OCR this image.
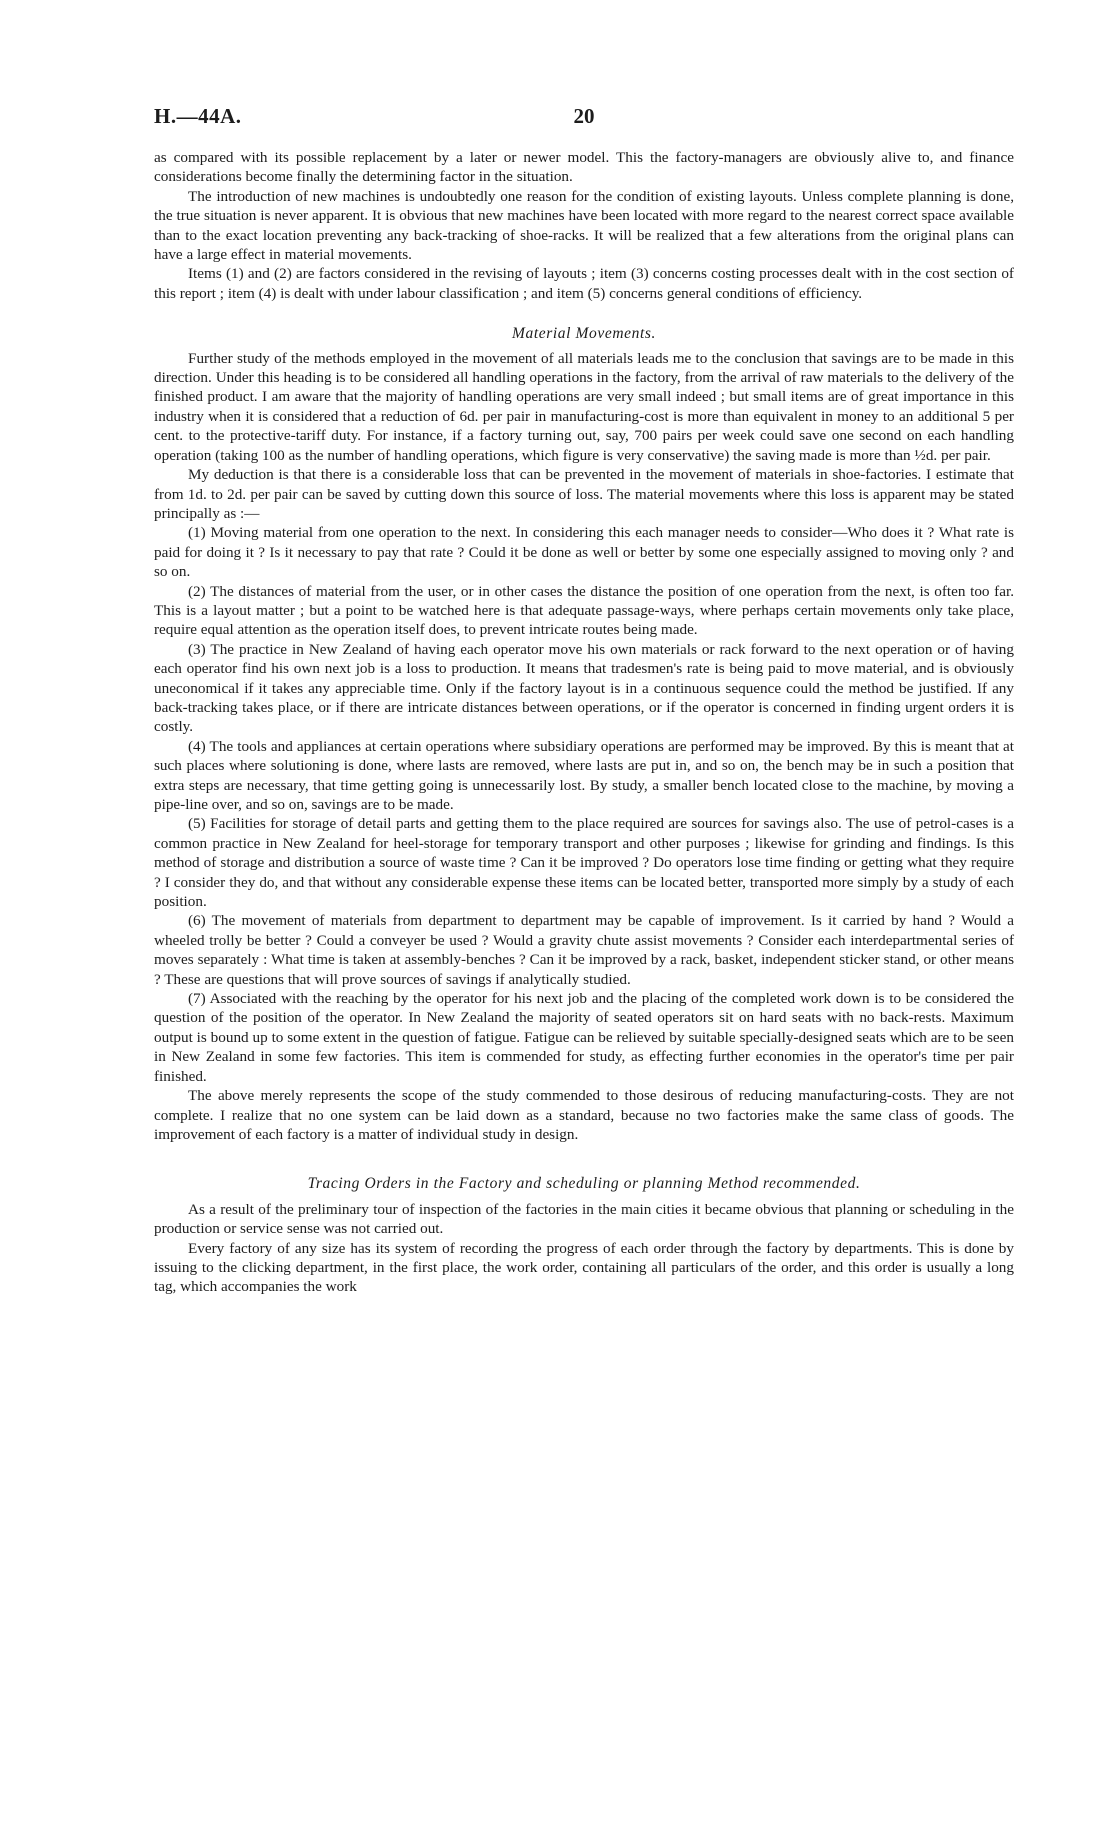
H.—44A.	20

as compared with its possible replacement by a later or newer model. This the factory-managers are obviously alive to, and finance considerations become finally the determining factor in the situation.

The introduction of new machines is undoubtedly one reason for the condition of existing layouts. Unless complete planning is done, the true situation is never apparent. It is obvious that new machines have been located with more regard to the nearest correct space available than to the exact location preventing any back-tracking of shoe-racks. It will be realized that a few alterations from the original plans can have a large effect in material movements.

Items (1) and (2) are factors considered in the revising of layouts ; item (3) concerns costing processes dealt with in the cost section of this report ; item (4) is dealt with under labour classification ; and item (5) concerns general conditions of efficiency.

Material Movements.

Further study of the methods employed in the movement of all materials leads me to the conclusion that savings are to be made in this direction. Under this heading is to be considered all handling operations in the factory, from the arrival of raw materials to the delivery of the finished product. I am aware that the majority of handling operations are very small indeed ; but small items are of great importance in this industry when it is considered that a reduction of 6d. per pair in manufacturing-cost is more than equivalent in money to an additional 5 per cent. to the protective-tariff duty. For instance, if a factory turning out, say, 700 pairs per week could save one second on each handling operation (taking 100 as the number of handling operations, which figure is very conservative) the saving made is more than ½d. per pair.

My deduction is that there is a considerable loss that can be prevented in the movement of materials in shoe-factories. I estimate that from 1d. to 2d. per pair can be saved by cutting down this source of loss. The material movements where this loss is apparent may be stated principally as :—

(1) Moving material from one operation to the next. In considering this each manager needs to consider—Who does it ? What rate is paid for doing it ? Is it necessary to pay that rate ? Could it be done as well or better by some one especially assigned to moving only ? and so on.

(2) The distances of material from the user, or in other cases the distance the position of one operation from the next, is often too far. This is a layout matter ; but a point to be watched here is that adequate passage-ways, where perhaps certain movements only take place, require equal attention as the operation itself does, to prevent intricate routes being made.

(3) The practice in New Zealand of having each operator move his own materials or rack forward to the next operation or of having each operator find his own next job is a loss to production. It means that tradesmen's rate is being paid to move material, and is obviously uneconomical if it takes any appreciable time. Only if the factory layout is in a continuous sequence could the method be justified. If any back-tracking takes place, or if there are intricate distances between operations, or if the operator is concerned in finding urgent orders it is costly.

(4) The tools and appliances at certain operations where subsidiary operations are performed may be improved. By this is meant that at such places where solutioning is done, where lasts are removed, where lasts are put in, and so on, the bench may be in such a position that extra steps are necessary, that time getting going is unnecessarily lost. By study, a smaller bench located close to the machine, by moving a pipe-line over, and so on, savings are to be made.

(5) Facilities for storage of detail parts and getting them to the place required are sources for savings also. The use of petrol-cases is a common practice in New Zealand for heel-storage for temporary transport and other purposes ; likewise for grinding and findings. Is this method of storage and distribution a source of waste time ? Can it be improved ? Do operators lose time finding or getting what they require ? I consider they do, and that without any considerable expense these items can be located better, transported more simply by a study of each position.

(6) The movement of materials from department to department may be capable of improvement. Is it carried by hand ? Would a wheeled trolly be better ? Could a conveyer be used ? Would a gravity chute assist movements ? Consider each interdepartmental series of moves separately : What time is taken at assembly-benches ? Can it be improved by a rack, basket, independent sticker stand, or other means ? These are questions that will prove sources of savings if analytically studied.

(7) Associated with the reaching by the operator for his next job and the placing of the completed work down is to be considered the question of the position of the operator. In New Zealand the majority of seated operators sit on hard seats with no back-rests. Maximum output is bound up to some extent in the question of fatigue. Fatigue can be relieved by suitable specially-designed seats which are to be seen in New Zealand in some few factories. This item is commended for study, as effecting further economies in the operator's time per pair finished.

The above merely represents the scope of the study commended to those desirous of reducing manufacturing-costs. They are not complete. I realize that no one system can be laid down as a standard, because no two factories make the same class of goods. The improvement of each factory is a matter of individual study in design.

Tracing Orders in the Factory and scheduling or planning Method recommended.

As a result of the preliminary tour of inspection of the factories in the main cities it became obvious that planning or scheduling in the production or service sense was not carried out.

Every factory of any size has its system of recording the progress of each order through the factory by departments. This is done by issuing to the clicking department, in the first place, the work order, containing all particulars of the order, and this order is usually a long tag, which accompanies the work
